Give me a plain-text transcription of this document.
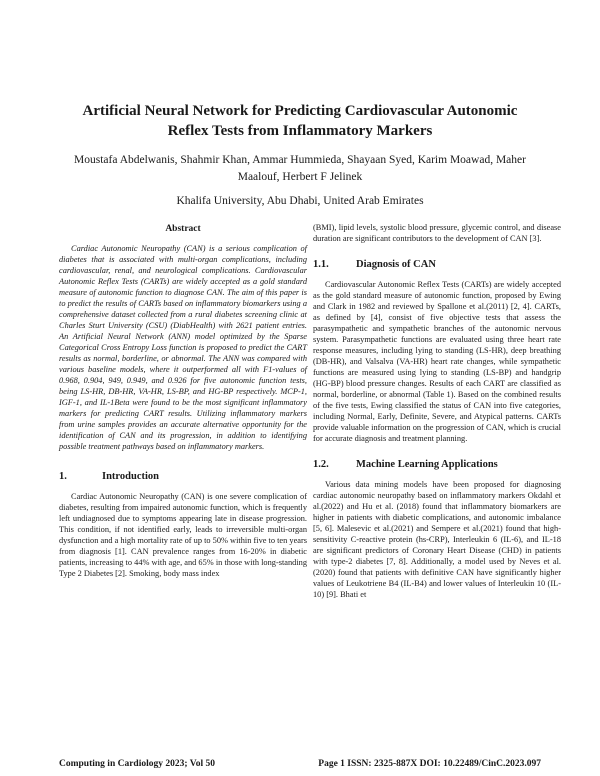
Artificial Neural Network for Predicting Cardiovascular Autonomic Reflex Tests from Inflammatory Markers
Moustafa Abdelwanis, Shahmir Khan, Ammar Hummieda, Shayaan Syed, Karim Moawad, Maher Maalouf, Herbert F Jelinek
Khalifa University, Abu Dhabi, United Arab Emirates
Abstract

Cardiac Autonomic Neuropathy (CAN) is a serious complication of diabetes that is associated with multi-organ complications, including cardiovascular, renal, and neurological complications. Cardiovascular Autonomic Reflex Tests (CARTs) are widely accepted as a gold standard measure of autonomic function to diagnose CAN. The aim of this paper is to predict the results of CARTs based on inflammatory biomarkers using a comprehensive dataset collected from a rural diabetes screening clinic at Charles Sturt University (CSU) (DiabHealth) with 2621 patient entries. An Artificial Neural Network (ANN) model optimized by the Sparse Categorical Cross Entropy Loss function is proposed to predict the CART results as normal, borderline, or abnormal. The ANN was compared with various baseline models, where it outperformed all with F1-values of 0.968, 0.904, 949, 0.949, and 0.926 for five autonomic function tests, being LS-HR, DB-HR, VA-HR, LS-BP, and HG-BP respectively. MCP-1, IGF-1, and IL-1Beta were found to be the most significant inflammatory markers for predicting CART results. Utilizing inflammatory markers from urine samples provides an accurate alternative opportunity for the identification of CAN and its progression, in addition to identifying possible treatment pathways based on inflammatory markers.

1.	Introduction

Cardiac Autonomic Neuropathy (CAN) is one severe complication of diabetes, resulting from impaired autonomic function, which is frequently left undiagnosed due to symptoms appearing late in disease progression. This condition, if not identified early, leads to irreversible multi-organ dysfunction and a high mortality rate of up to 50% within five to ten years from diagnosis [1]. CAN prevalence ranges from 16-20% in diabetic patients, increasing to 44% with age, and 65% in those with long-standing Type 2 Diabetes [2]. Smoking, body mass index

(BMI), lipid levels, systolic blood pressure, glycemic control, and disease duration are significant contributors to the development of CAN [3].

1.1.	Diagnosis of CAN

Cardiovascular Autonomic Reflex Tests (CARTs) are widely accepted as the gold standard measure of autonomic function, proposed by Ewing and Clark in 1982 and reviewed by Spallone et al.(2011) [2, 4]. CARTs, as defined by [4], consist of five objective tests that assess the parasympathetic and sympathetic branches of the autonomic nervous system. Parasympathetic functions are evaluated using three heart rate response measures, including lying to standing (LS-HR), deep breathing (DB-HR), and Valsalva (VA-HR) heart rate changes, while sympathetic functions are measured using lying to standing (LS-BP) and handgrip (HG-BP) blood pressure changes. Results of each CART are classified as normal, borderline, or abnormal (Table 1). Based on the combined results of the five tests, Ewing classified the status of CAN into five categories, including Normal, Early, Definite, Severe, and Atypical patterns. CARTs provide valuable information on the progression of CAN, which is crucial for accurate diagnosis and treatment planning.

1.2.	Machine Learning Applications

Various data mining models have been proposed for diagnosing cardiac autonomic neuropathy based on inflammatory markers Okdahl et al.(2022) and Hu et al. (2018) found that inflammatory biomarkers are higher in patients with diabetic complications, and autonomic imbalance [5, 6]. Malesevic et al.(2021) and Sempere et al.(2021) found that high-sensitivity C-reactive protein (hs-CRP), Interleukin 6 (IL-6), and IL-18 are significant predictors of Coronary Heart Disease (CHD) in patients with type-2 diabetes [7, 8]. Additionally, a model used by Neves et al. (2020) found that patients with definitive CAN have significantly higher values of Leukotriene B4 (IL-B4) and lower values of Interleukin 10 (IL-10) [9]. Bhati et

Computing in Cardiology 2023; Vol 50	Page 1 ISSN: 2325-887X DOI: 10.22489/CinC.2023.097
